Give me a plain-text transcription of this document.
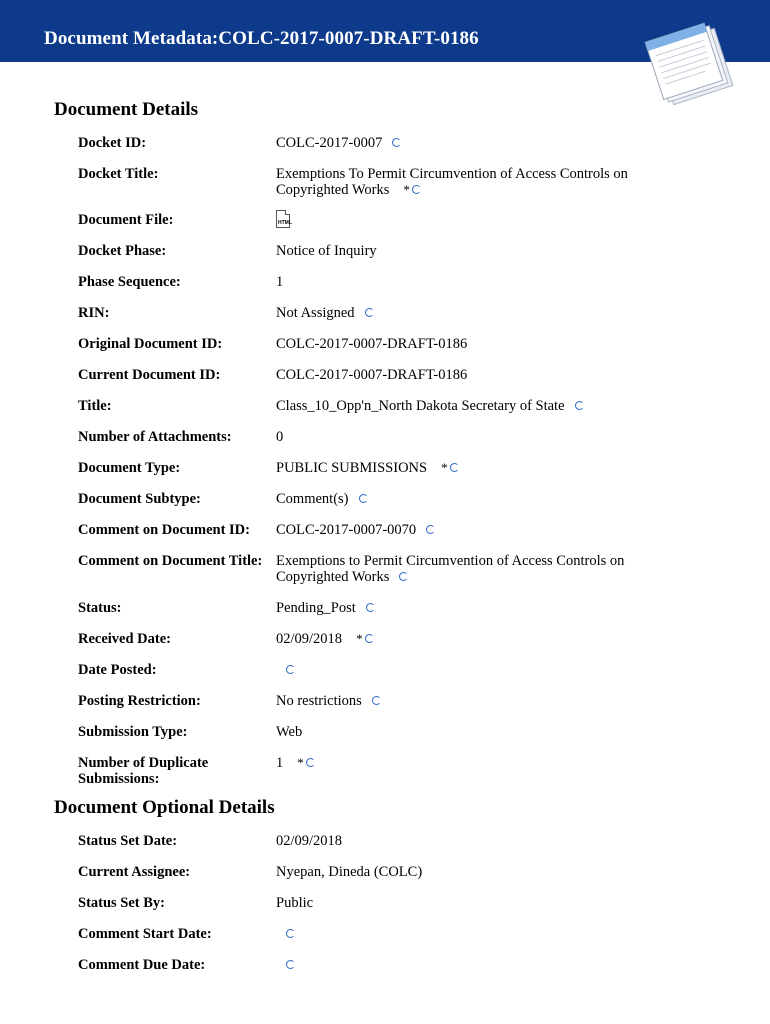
Document Metadata:COLC-2017-0007-DRAFT-0186
Document Details
Docket ID:	COLC-2017-0007
Docket Title:	Exemptions To Permit Circumvention of Access Controls on Copyrighted Works *
Document File:	HTML
Docket Phase:	Notice of Inquiry
Phase Sequence:	1
RIN:	Not Assigned
Original Document ID:	COLC-2017-0007-DRAFT-0186
Current Document ID:	COLC-2017-0007-DRAFT-0186
Title:	Class_10_Opp'n_North Dakota Secretary of State
Number of Attachments:	0
Document Type:	PUBLIC SUBMISSIONS *
Document Subtype:	Comment(s)
Comment on Document ID:	COLC-2017-0007-0070
Comment on Document Title: Exemptions to Permit Circumvention of Access Controls on Copyrighted Works
Status:	Pending_Post
Received Date:	02/09/2018 *
Date Posted:
Posting Restriction:	No restrictions
Submission Type:	Web
Number of Duplicate Submissions:
1 *
Document Optional Details
Status Set Date:	02/09/2018
Current Assignee:	Nyepan, Dineda (COLC)
Status Set By:	Public
Comment Start Date:
Comment Due Date:
